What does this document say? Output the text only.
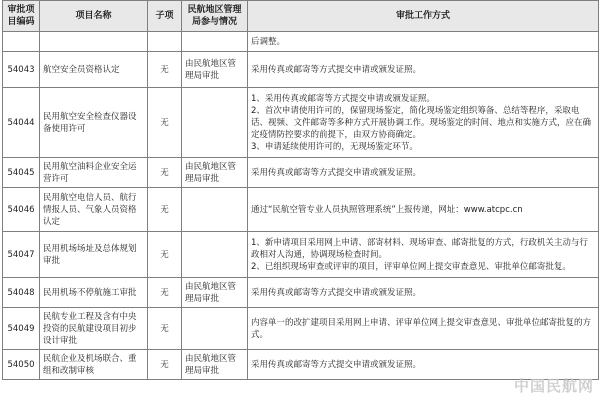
审批项目编码	项目名称	子项	民航地区管理局参与情况	审批工作方式
				后调整。
54043	航空安全员资格认定	无	由民航地区管理局审批	采用传真或邮寄等方式提交申请或颁发证照。

54044	民用航空安全检查仪器设备使用许可	无		1、采用传真或邮寄等方式提交申请或颁发证照。
2、首次申请使用许可的，保留现场鉴定，简化现场鉴定组织筹备、总结等程序，采取电话、视频、文件邮寄等多种方式开展协调工作。现场鉴定的时间、地点和实施方式，应在确定疫情防控要求的前提下，由双方协商确定。
3、申请延续使用许可的，无现场鉴定环节。

54045	民用航空油料企业安全运营许可	无	由民航地区管理局审批	采用传真或邮寄等方式提交申请或颁发证照。

54046	民用航空电信人员、航行情报人员、气象人员资格认定	无		通过“民航空管专业人员执照管理系统”上报传递，网址：www.atcpc.cn

54047	民用机场场址及总体规划审批	无		1、新申请项目采用网上申请、部寄材料、现场审查、邮寄批复的方式，行政机关主动与行政相对人沟通，协调现场检查时间。
2、已组织现场审查或评审的项目，评审单位网上提交审查意见、审批单位邮寄批复。

54048	民用机场不停航施工审批	无	由民航地区管理局审批	采用传真或邮寄等方式提交申请或颁发证照。

54049	民航专业工程及含有中央投资的民航建设项目初步设计审批	无		内容单一的改扩建项目采用网上申请、评审单位网上提交审查意见、审批单位邮寄批复的方式。

54050	民航企业及机场联合、重组和改制审核	无	由民航地区管理局审批	采用传真或邮寄等方式提交申请或颁发证照。
中国民航网
